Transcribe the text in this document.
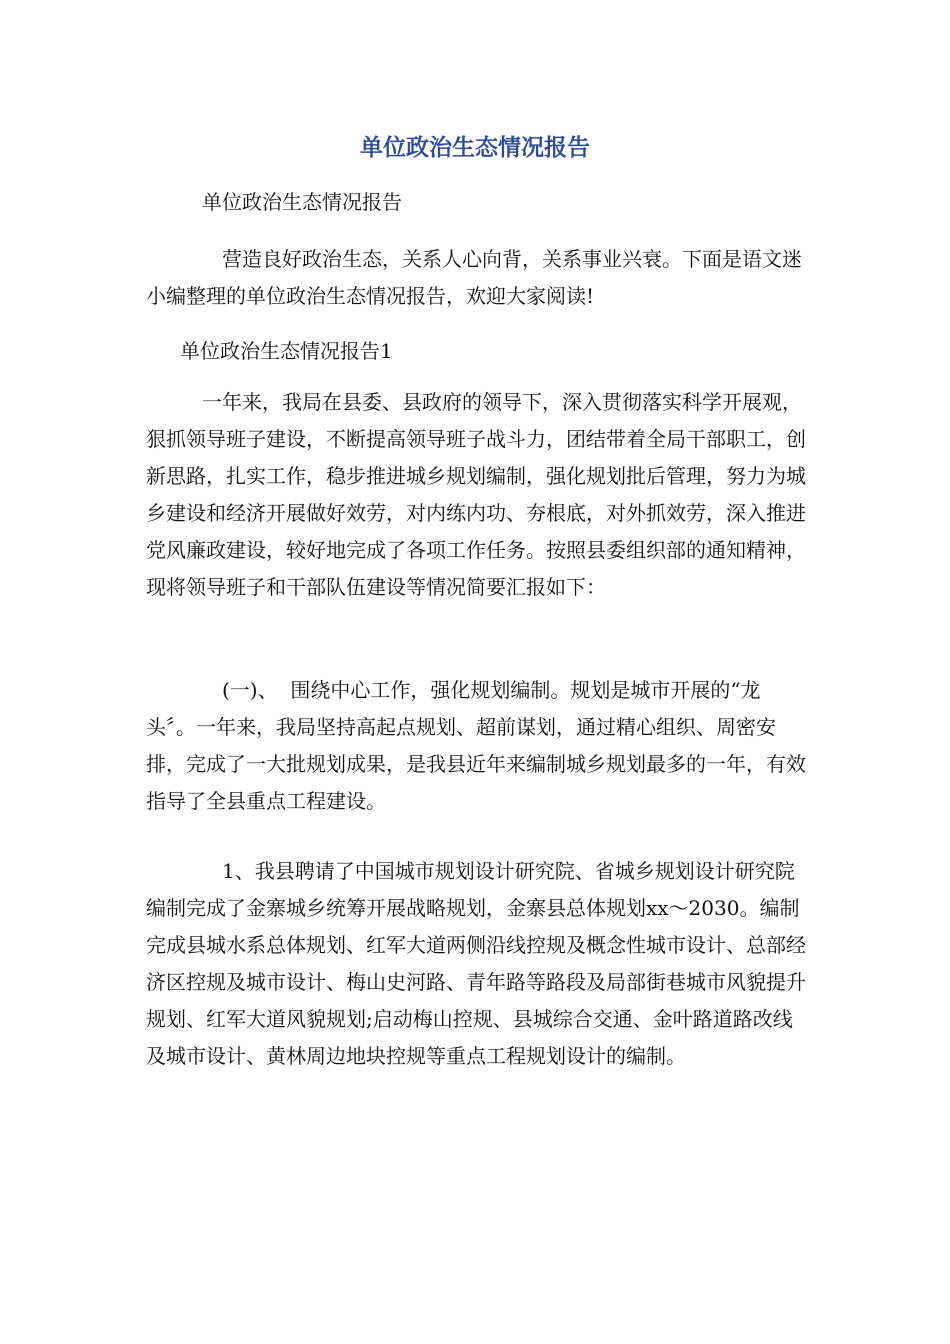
单位政治生态情况报告

单位政治生态情况报告

营造良好政治生态，关系人心向背，关系事业兴衰。下面是语文迷小编整理的单位政治生态情况报告，欢迎大家阅读!

单位政治生态情况报告1

一年来，我局在县委、县政府的领导下，深入贯彻落实科学开展观，狠抓领导班子建设，不断提高领导班子战斗力，团结带着全局干部职工，创新思路，扎实工作，稳步推进城乡规划编制，强化规划批后管理，努力为城乡建设和经济开展做好效劳，对内练内功、夯根底，对外抓效劳，深入推进党风廉政建设，较好地完成了各项工作任务。按照县委组织部的通知精神，现将领导班子和干部队伍建设等情况简要汇报如下：

(一)、  围绕中心工作，强化规划编制。规划是城市开展的“龙头〞。一年来，我局坚持高起点规划、超前谋划，通过精心组织、周密安排，完成了一大批规划成果，是我县近年来编制城乡规划最多的一年，有效指导了全县重点工程建设。

1、我县聘请了中国城市规划设计研究院、省城乡规划设计研究院编制完成了金寨城乡统筹开展战略规划，金寨县总体规划xx～2030。编制完成县城水系总体规划、红军大道两侧沿线控规及概念性城市设计、总部经济区控规及城市设计、梅山史河路、青年路等路段及局部街巷城市风貌提升规划、红军大道风貌规划;启动梅山控规、县城综合交通、金叶路道路改线及城市设计、黄林周边地块控规等重点工程规划设计的编制。
